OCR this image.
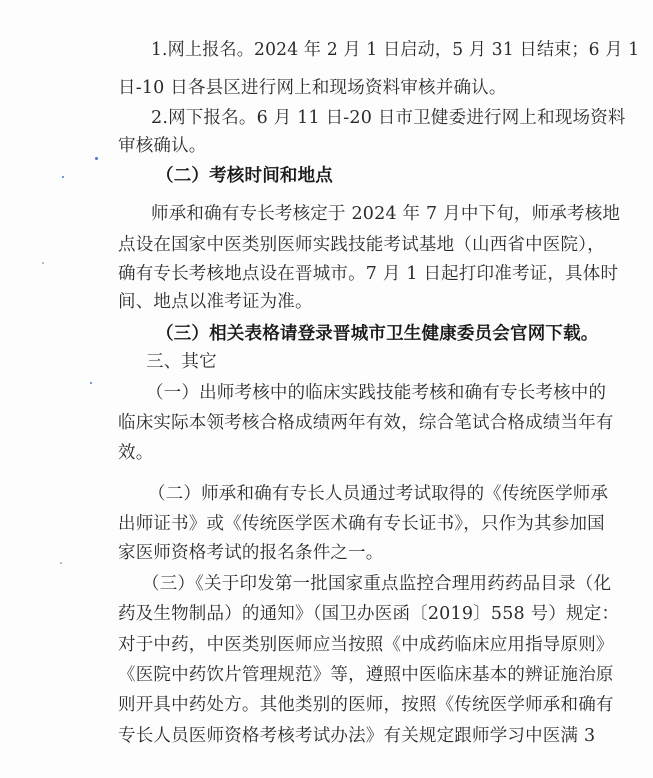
1.网上报名。2024 年 2 月 1 日启动，5 月 31 日结束；6 月 1
日-10 日各县区进行网上和现场资料审核并确认。
2.网下报名。6 月 11 日-20 日市卫健委进行网上和现场资料
审核确认。
（二）考核时间和地点
师承和确有专长考核定于 2024 年 7 月中下旬，师承考核地
点设在国家中医类别医师实践技能考试基地（山西省中医院），
确有专长考核地点设在晋城市。7 月 1 日起打印准考证，具体时
间、地点以准考证为准。
（三）相关表格请登录晋城市卫生健康委员会官网下载。
三、其它
（一）出师考核中的临床实践技能考核和确有专长考核中的
临床实际本领考核合格成绩两年有效，综合笔试合格成绩当年有
效。
（二）师承和确有专长人员通过考试取得的《传统医学师承
出师证书》或《传统医学医术确有专长证书》，只作为其参加国
家医师资格考试的报名条件之一。
（三）《关于印发第一批国家重点监控合理用药药品目录（化
药及生物制品）的通知》（国卫办医函〔2019〕558 号）规定：
对于中药，中医类别医师应当按照《中成药临床应用指导原则》
《医院中药饮片管理规范》等，遵照中医临床基本的辨证施治原
则开具中药处方。其他类别的医师，按照《传统医学师承和确有
专长人员医师资格考核考试办法》有关规定跟师学习中医满 3
